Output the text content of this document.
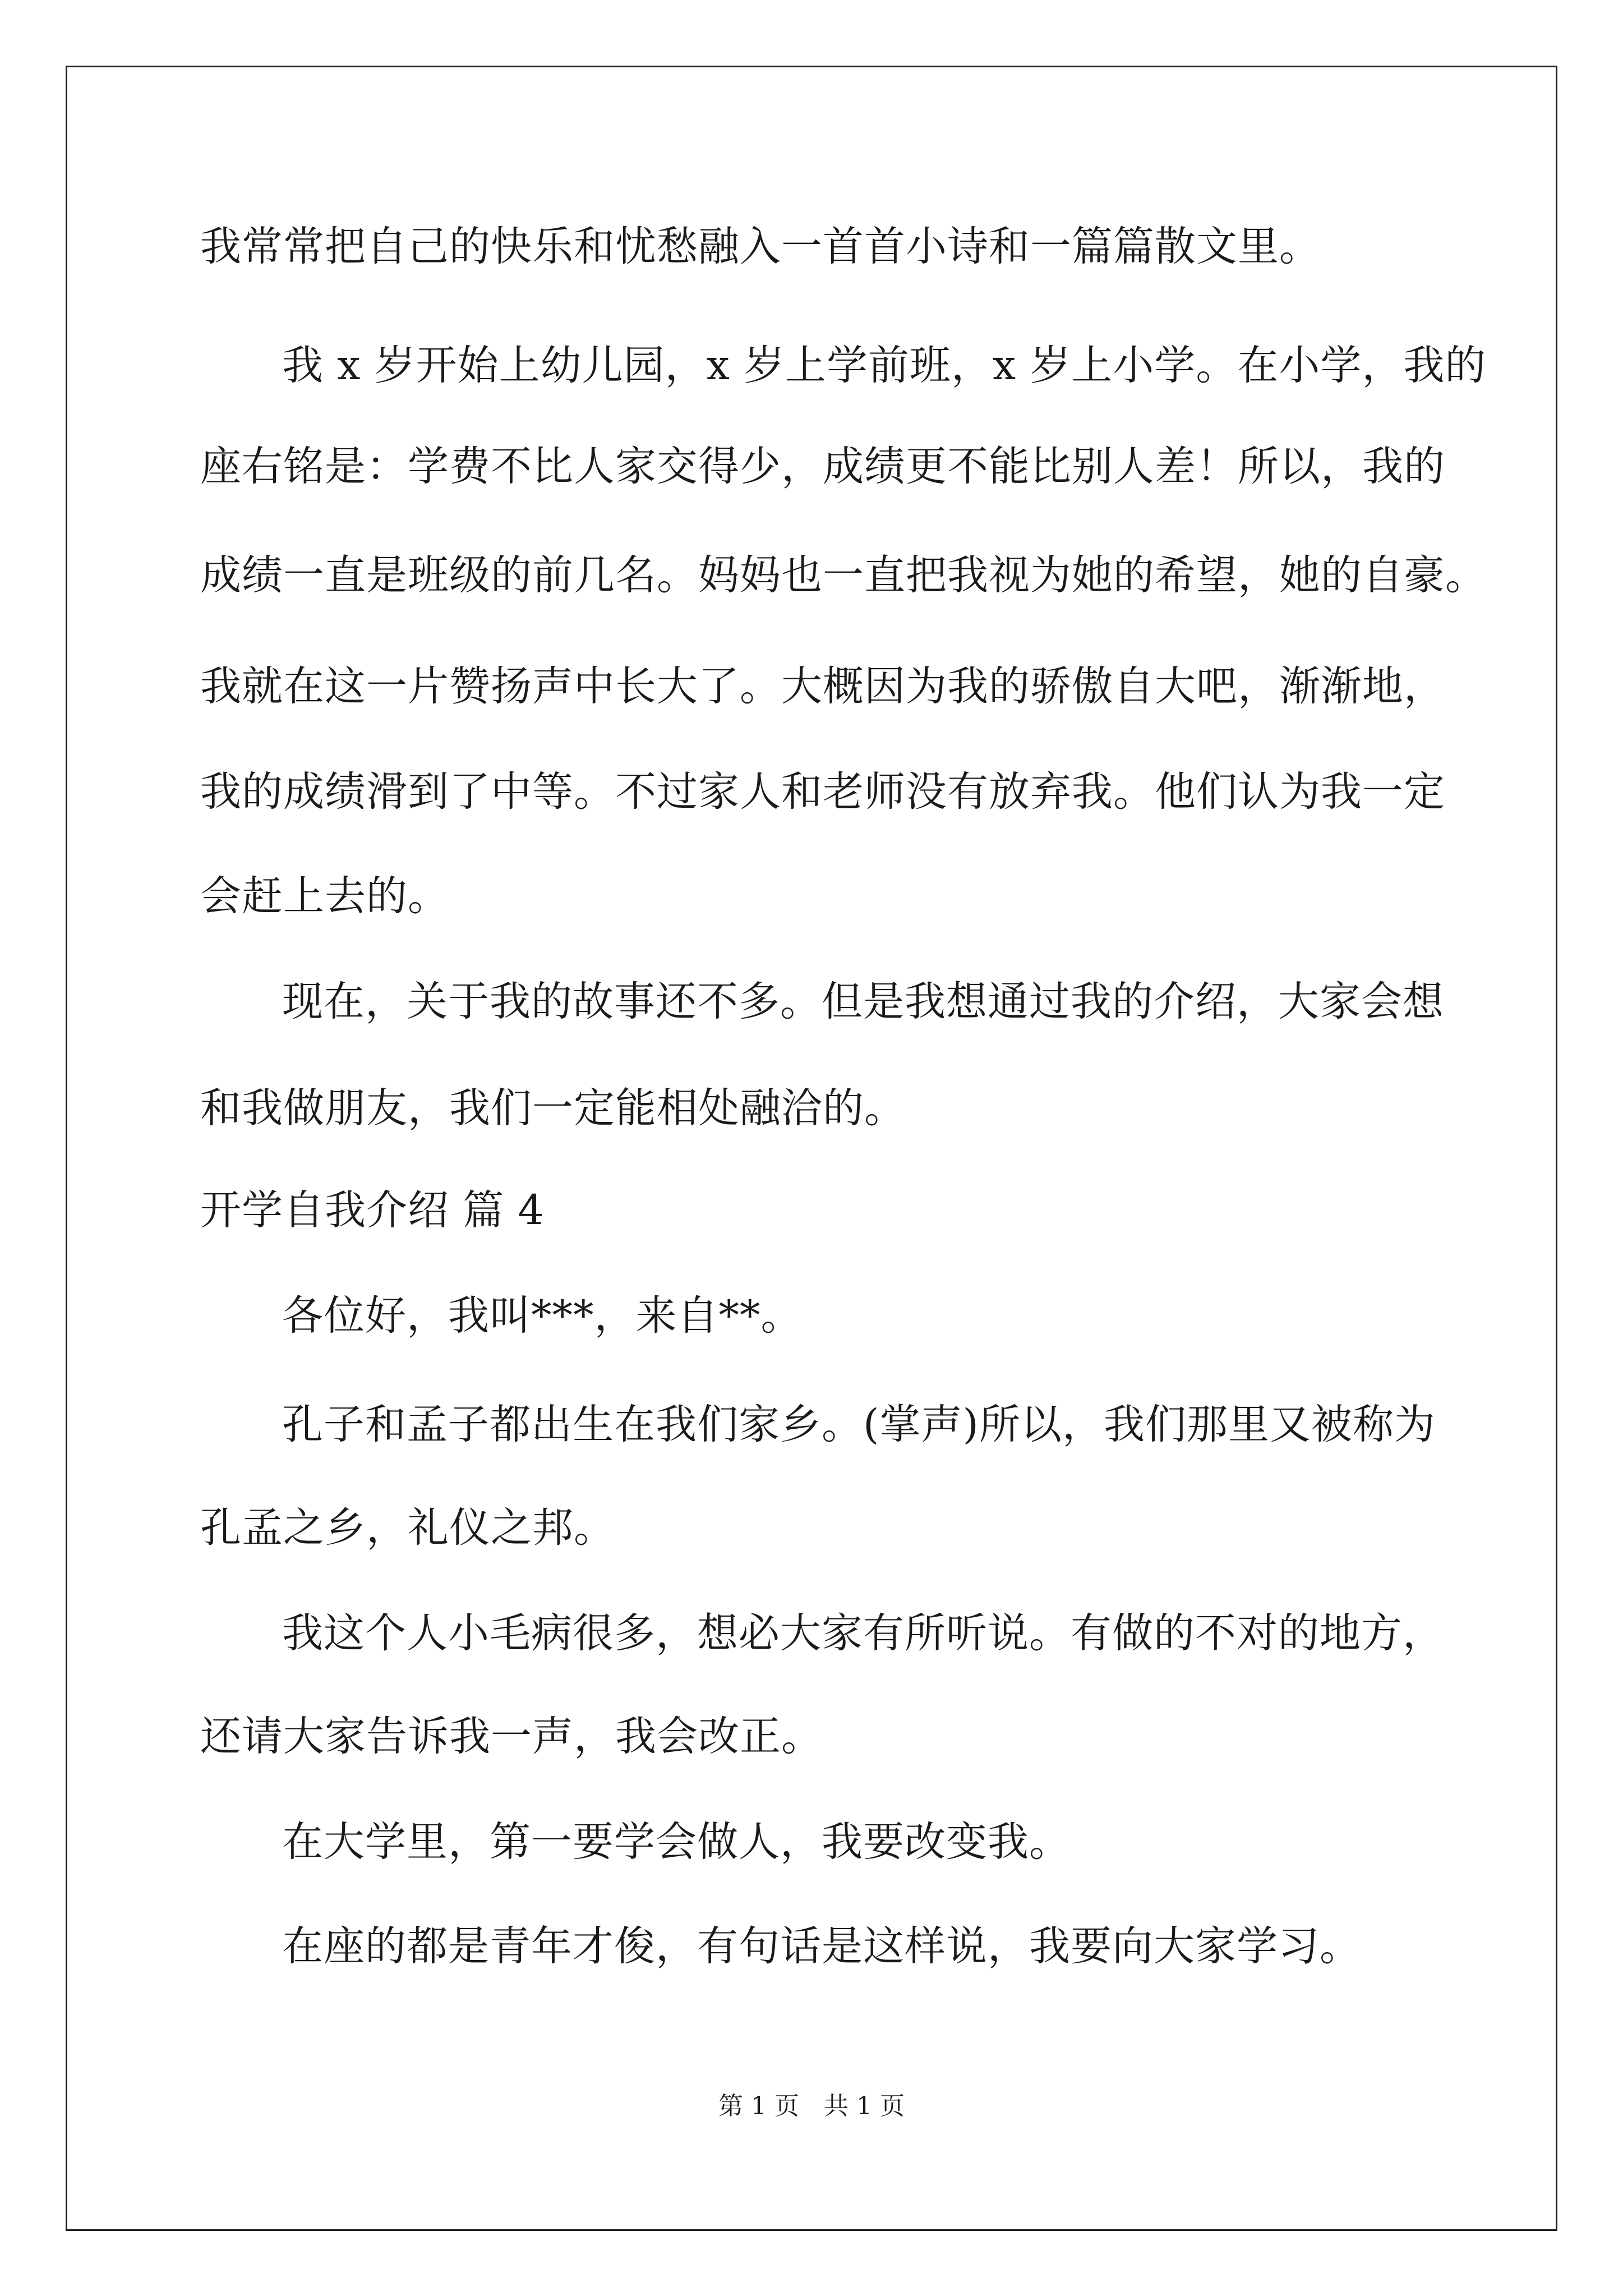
我常常把自己的快乐和忧愁融入一首首小诗和一篇篇散文里。
我 x 岁开始上幼儿园，x 岁上学前班，x 岁上小学。在小学，我的
座右铭是：学费不比人家交得少，成绩更不能比别人差！所以，我的
成绩一直是班级的前几名。妈妈也一直把我视为她的希望，她的自豪。
我就在这一片赞扬声中长大了。大概因为我的骄傲自大吧，渐渐地，
我的成绩滑到了中等。不过家人和老师没有放弃我。他们认为我一定
会赶上去的。
现在，关于我的故事还不多。但是我想通过我的介绍，大家会想
和我做朋友，我们一定能相处融洽的。
开学自我介绍 篇 4
各位好，我叫***，来自**。
孔子和孟子都出生在我们家乡。(掌声)所以，我们那里又被称为
孔孟之乡，礼仪之邦。
我这个人小毛病很多，想必大家有所听说。有做的不对的地方，
还请大家告诉我一声，我会改正。
在大学里，第一要学会做人，我要改变我。
在座的都是青年才俊，有句话是这样说，我要向大家学习。
第 1 页　共 1 页
